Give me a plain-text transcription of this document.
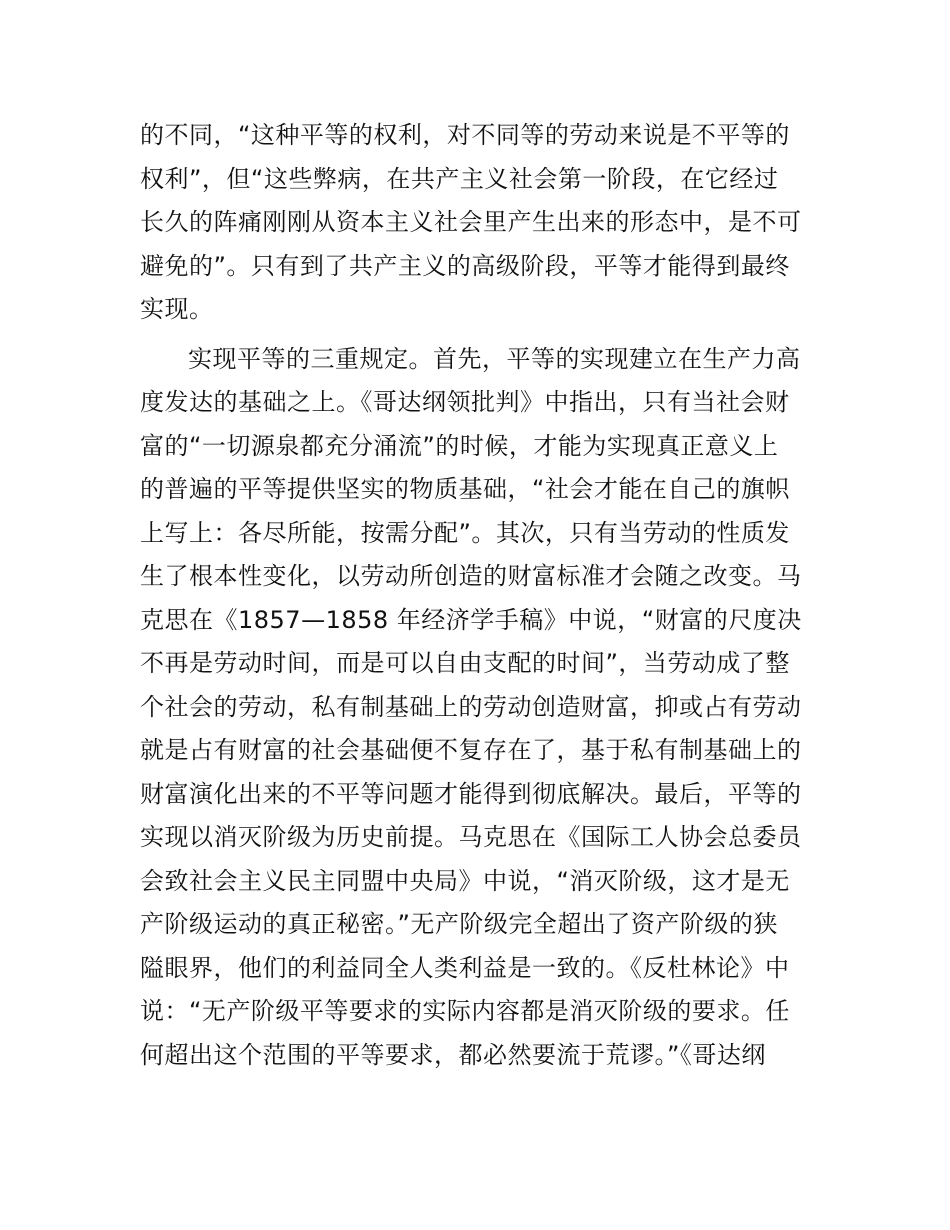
的不同，“这种平等的权利，对不同等的劳动来说是不平等的
权利”，但“这些弊病，在共产主义社会第一阶段，在它经过
长久的阵痛刚刚从资本主义社会里产生出来的形态中，是不可
避免的”。只有到了共产主义的高级阶段，平等才能得到最终
实现。
实现平等的三重规定。首先，平等的实现建立在生产力高
度发达的基础之上。《哥达纲领批判》中指出，只有当社会财
富的“一切源泉都充分涌流”的时候，才能为实现真正意义上
的普遍的平等提供坚实的物质基础，“社会才能在自己的旗帜
上写上：各尽所能，按需分配”。其次，只有当劳动的性质发
生了根本性变化，以劳动所创造的财富标准才会随之改变。马
克思在《1857—1858 年经济学手稿》中说，“财富的尺度决
不再是劳动时间，而是可以自由支配的时间”，当劳动成了整
个社会的劳动，私有制基础上的劳动创造财富，抑或占有劳动
就是占有财富的社会基础便不复存在了，基于私有制基础上的
财富演化出来的不平等问题才能得到彻底解决。最后，平等的
实现以消灭阶级为历史前提。马克思在《国际工人协会总委员
会致社会主义民主同盟中央局》中说，“消灭阶级，这才是无
产阶级运动的真正秘密。”无产阶级完全超出了资产阶级的狭
隘眼界，他们的利益同全人类利益是一致的。《反杜林论》中
说：“无产阶级平等要求的实际内容都是消灭阶级的要求。任
何超出这个范围的平等要求，都必然要流于荒谬。”《哥达纲
